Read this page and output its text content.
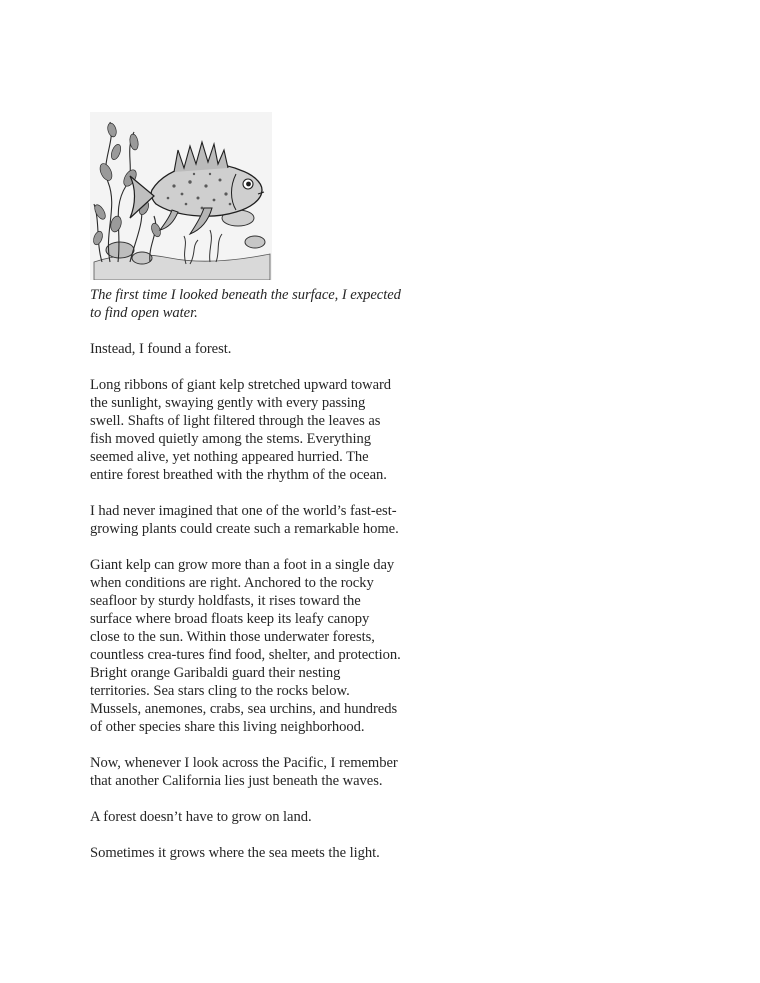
The first time I looked beneath the surface, I expected to find open water.

Instead, I found a forest.

Long ribbons of giant kelp stretched upward toward the sunlight, swaying gently with every passing swell. Shafts of light filtered through the leaves as fish moved quietly among the stems. Everything seemed alive, yet nothing appeared hurried. The entire forest breathed with the rhythm of the ocean.

I had never imagined that one of the world’s fast-est-growing plants could create such a remarkable home.

Giant kelp can grow more than a foot in a single day when conditions are right. Anchored to the rocky seafloor by sturdy holdfasts, it rises toward the surface where broad floats keep its leafy canopy close to the sun. Within those underwater forests, countless crea-tures find food, shelter, and protection. Bright orange Garibaldi guard their nesting territories. Sea stars cling to the rocks below. Mussels, anemones, crabs, sea urchins, and hundreds of other species share this living neighborhood.

Now, whenever I look across the Pacific, I remember that another California lies just beneath the waves.

A forest doesn’t have to grow on land.

Sometimes it grows where the sea meets the light.
